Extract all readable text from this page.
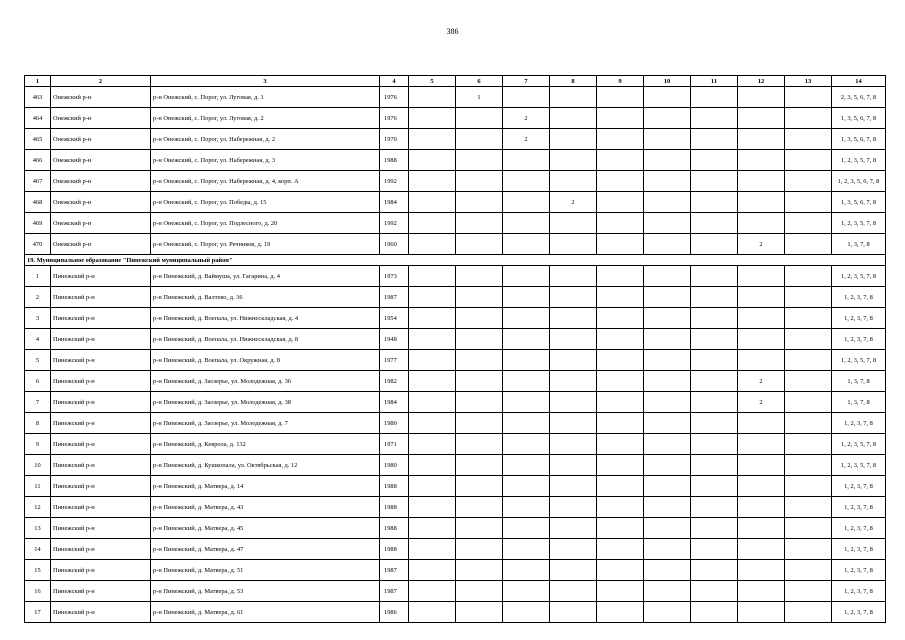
386
1	2	3	4	5	6	7	8	9	10	11	12	13	14
463	Онежский р-н	р-н Онежский, с. Порог, ул. Луговая, д. 1	1976		1								2, 3, 5, 6, 7, 8
464	Онежский р-н	р-н Онежский, с. Порог, ул. Луговая, д. 2	1976			2							1, 3, 5, 6, 7, 8
465	Онежский р-н	р-н Онежский, с. Порог, ул. Набережная, д. 2	1970			2							1, 3, 5, 6, 7, 8
466	Онежский р-н	р-н Онежский, с. Порог, ул. Набережная, д. 3	1988										1, 2, 3, 5, 7, 8
467	Онежский р-н	р-н Онежский, с. Порог, ул. Набережная, д. 4, корп. А	1992										1, 2, 3, 5, 6, 7, 8
468	Онежский р-н	р-н Онежский, с. Порог, ул. Победы, д. 15	1984				2						1, 3, 5, 6, 7, 8
469	Онежский р-н	р-н Онежский, с. Порог, ул. Подлесного, д. 20	1992										1, 2, 3, 5, 7, 8
470	Онежский р-н	р-н Онежский, с. Порог, ул. Речников, д. 19	1960								2		1, 3, 7, 8
19. Муниципальное образование "Пинежский муниципальный район"													
1	Пинежский р-н	р-н Пинежский, д. Ваймуша, ул. Гагарина, д. 4	1973										1, 2, 3, 5, 7, 8
2	Пинежский р-н	р-н Пинежский, д. Валтево, д. 36	1987										1, 2, 3, 7, 8
3	Пинежский р-н	р-н Пинежский, д. Воепала, ул. Нижнескладская, д. 4	1954										1, 2, 3, 7, 8
4	Пинежский р-н	р-н Пинежский, д. Воепала, ул. Нижнескладская, д. 8	1948										1, 2, 3, 7, 8
5	Пинежский р-н	р-н Пинежский, д. Воепала, ул. Окружная, д. 8	1977										1, 2, 3, 5, 7, 8
6	Пинежский р-н	р-н Пинежский, д. Заозерье, ул. Молодежная, д. 36	1982								2		1, 3, 7, 8
7	Пинежский р-н	р-н Пинежский, д. Заозерье, ул. Молодежная, д. 38	1984								2		1, 3, 7, 8
8	Пинежский р-н	р-н Пинежский, д. Заозерье, ул. Молодежная, д. 7	1980										1, 2, 3, 7, 8
9	Пинежский р-н	р-н Пинежский, д. Кеврола, д. 132	1971										1, 2, 3, 5, 7, 8
10	Пинежский р-н	р-н Пинежский, д. Кушкопала, ул. Октябрьская, д. 12	1980										1, 2, 3, 5, 7, 8
11	Пинежский р-н	р-н Пинежский, д. Матвера, д. 14	1988										1, 2, 3, 7, 8
12	Пинежский р-н	р-н Пинежский, д. Матвера, д. 43	1988										1, 2, 3, 7, 8
13	Пинежский р-н	р-н Пинежский, д. Матвера, д. 45	1988										1, 2, 3, 7, 8
14	Пинежский р-н	р-н Пинежский, д. Матвера, д. 47	1988										1, 2, 3, 7, 8
15	Пинежский р-н	р-н Пинежский, д. Матвера, д. 51	1987										1, 2, 3, 7, 8
16	Пинежский р-н	р-н Пинежский, д. Матвера, д. 53	1987										1, 2, 3, 7, 8
17	Пинежский р-н	р-н Пинежский, д. Матвера, д. 61	1986										1, 2, 3, 7, 8
